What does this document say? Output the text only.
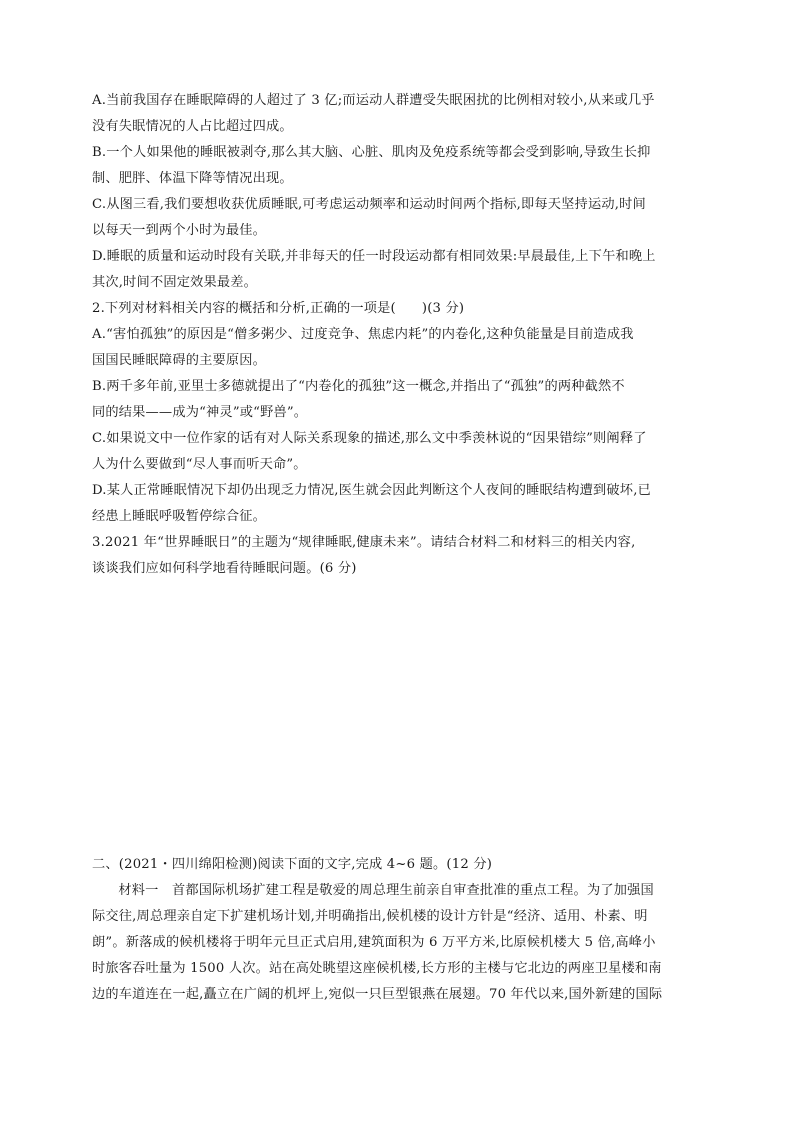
A.当前我国存在睡眠障碍的人超过了 3 亿;而运动人群遭受失眠困扰的比例相对较小,从来或几乎
没有失眠情况的人占比超过四成。
B.一个人如果他的睡眠被剥夺,那么其大脑、心脏、肌肉及免疫系统等都会受到影响,导致生长抑
制、肥胖、体温下降等情况出现。
C.从图三看,我们要想收获优质睡眠,可考虑运动频率和运动时间两个指标,即每天坚持运动,时间
以每天一到两个小时为最佳。
D.睡眠的质量和运动时段有关联,并非每天的任一时段运动都有相同效果:早晨最佳,上下午和晚上
其次,时间不固定效果最差。
2.下列对材料相关内容的概括和分析,正确的一项是( )(3 分)
A.“害怕孤独”的原因是“僧多粥少、过度竞争、焦虑内耗”的内卷化,这种负能量是目前造成我
国国民睡眠障碍的主要原因。
B.两千多年前,亚里士多德就提出了“内卷化的孤独”这一概念,并指出了“孤独”的两种截然不
同的结果——成为“神灵”或“野兽”。
C.如果说文中一位作家的话有对人际关系现象的描述,那么文中季羡林说的“因果错综”则阐释了
人为什么要做到“尽人事而听天命”。
D.某人正常睡眠情况下却仍出现乏力情况,医生就会因此判断这个人夜间的睡眠结构遭到破坏,已
经患上睡眠呼吸暂停综合征。
3.2021 年“世界睡眠日”的主题为“规律睡眠,健康未来”。请结合材料二和材料三的相关内容,
谈谈我们应如何科学地看待睡眠问题。(6 分)
二、(2021・四川绵阳检测)阅读下面的文字,完成 4~6 题。(12 分)
材料一　首都国际机场扩建工程是敬爱的周总理生前亲自审查批准的重点工程。为了加强国
际交往,周总理亲自定下扩建机场计划,并明确指出,候机楼的设计方针是“经济、适用、朴素、明
朗”。新落成的候机楼将于明年元旦正式启用,建筑面积为 6 万平方米,比原候机楼大 5 倍,高峰小
时旅客吞吐量为 1500 人次。站在高处眺望这座候机楼,长方形的主楼与它北边的两座卫星楼和南
边的车道连在一起,矗立在广阔的机坪上,宛似一只巨型银燕在展翅。70 年代以来,国外新建的国际
